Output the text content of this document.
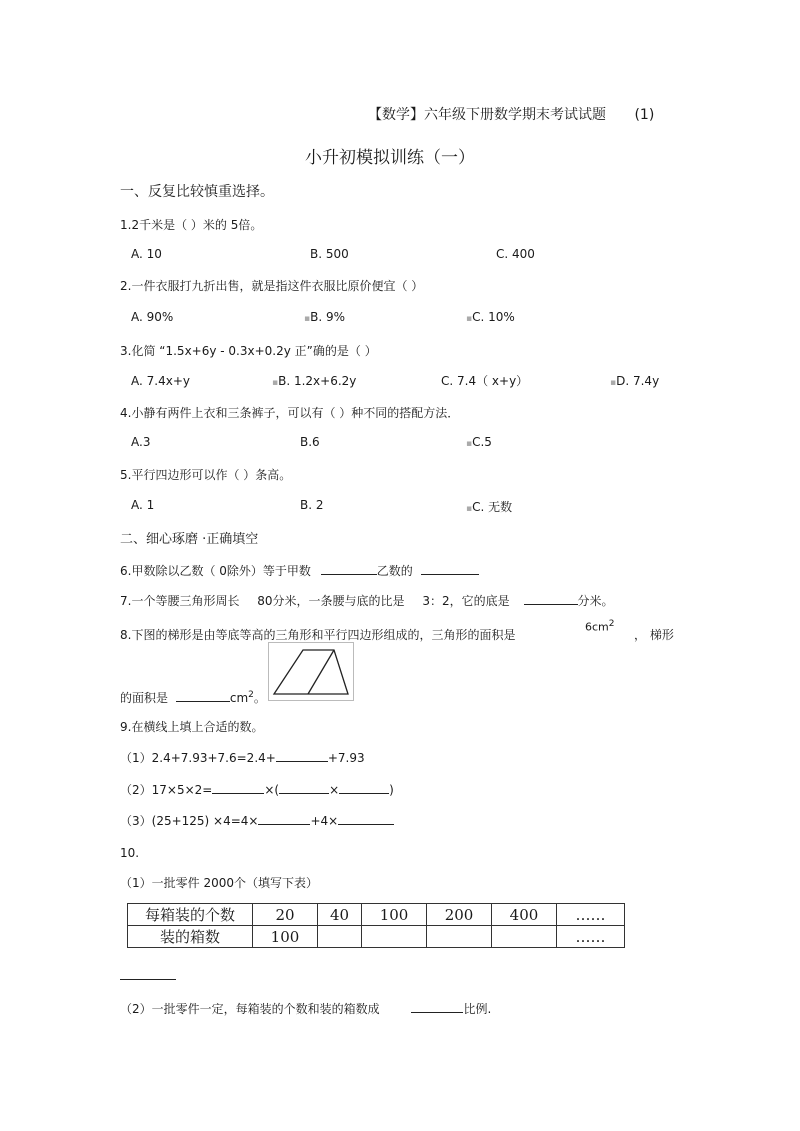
【数学】六年级下册数学期末考试试题 (1)
小升初模拟训练（一）
一、反复比较慎重选择。
1.2千米是（ ）米的 5倍。
A. 10	B. 500	C. 400
2.一件衣服打九折出售，就是指这件衣服比原价便宜（ ）
A. 90%	▪B. 9%	▪C. 10%
3.化简 “1.5x+6y - 0.3x+0.2y 正”确的是（ ）
A. 7.4x+y	▪B. 1.2x+6.2y	C. 7.4（ x+y）	▪D. 7.4y
4.小静有两件上衣和三条裤子，可以有（ ）种不同的搭配方法．
A.3	B.6	▪C.5
5.平行四边形可以作（ ）条高。
A. 1	B. 2	▪C. 无数
二、细心琢磨 ·正确填空
6.甲数除以乙数（ 0除外）等于甲数	乙数的
7.一个等腰三角形周长 80分米，一条腰与底的比是 3：2，它的底是	分米。
8.下图的梯形是由等底等高的三角形和平行四边形组成的，三角形的面积是
$6cm^2$
， 梯形
的面积是	$cm^2$。
9.在横线上填上合适的数。
（1）2.4+7.93+7.6=2.4+	+7.93
（2）17×5×2=	×(	×	)
（3）(25+125) ×4=4×	+4×
10.
（1）一批零件 2000个（填写下表）
每箱装的个数	20	40	100	200	400	……
装的箱数	100					……
（2）一批零件一定，每箱装的个数和装的箱数成	比例.
